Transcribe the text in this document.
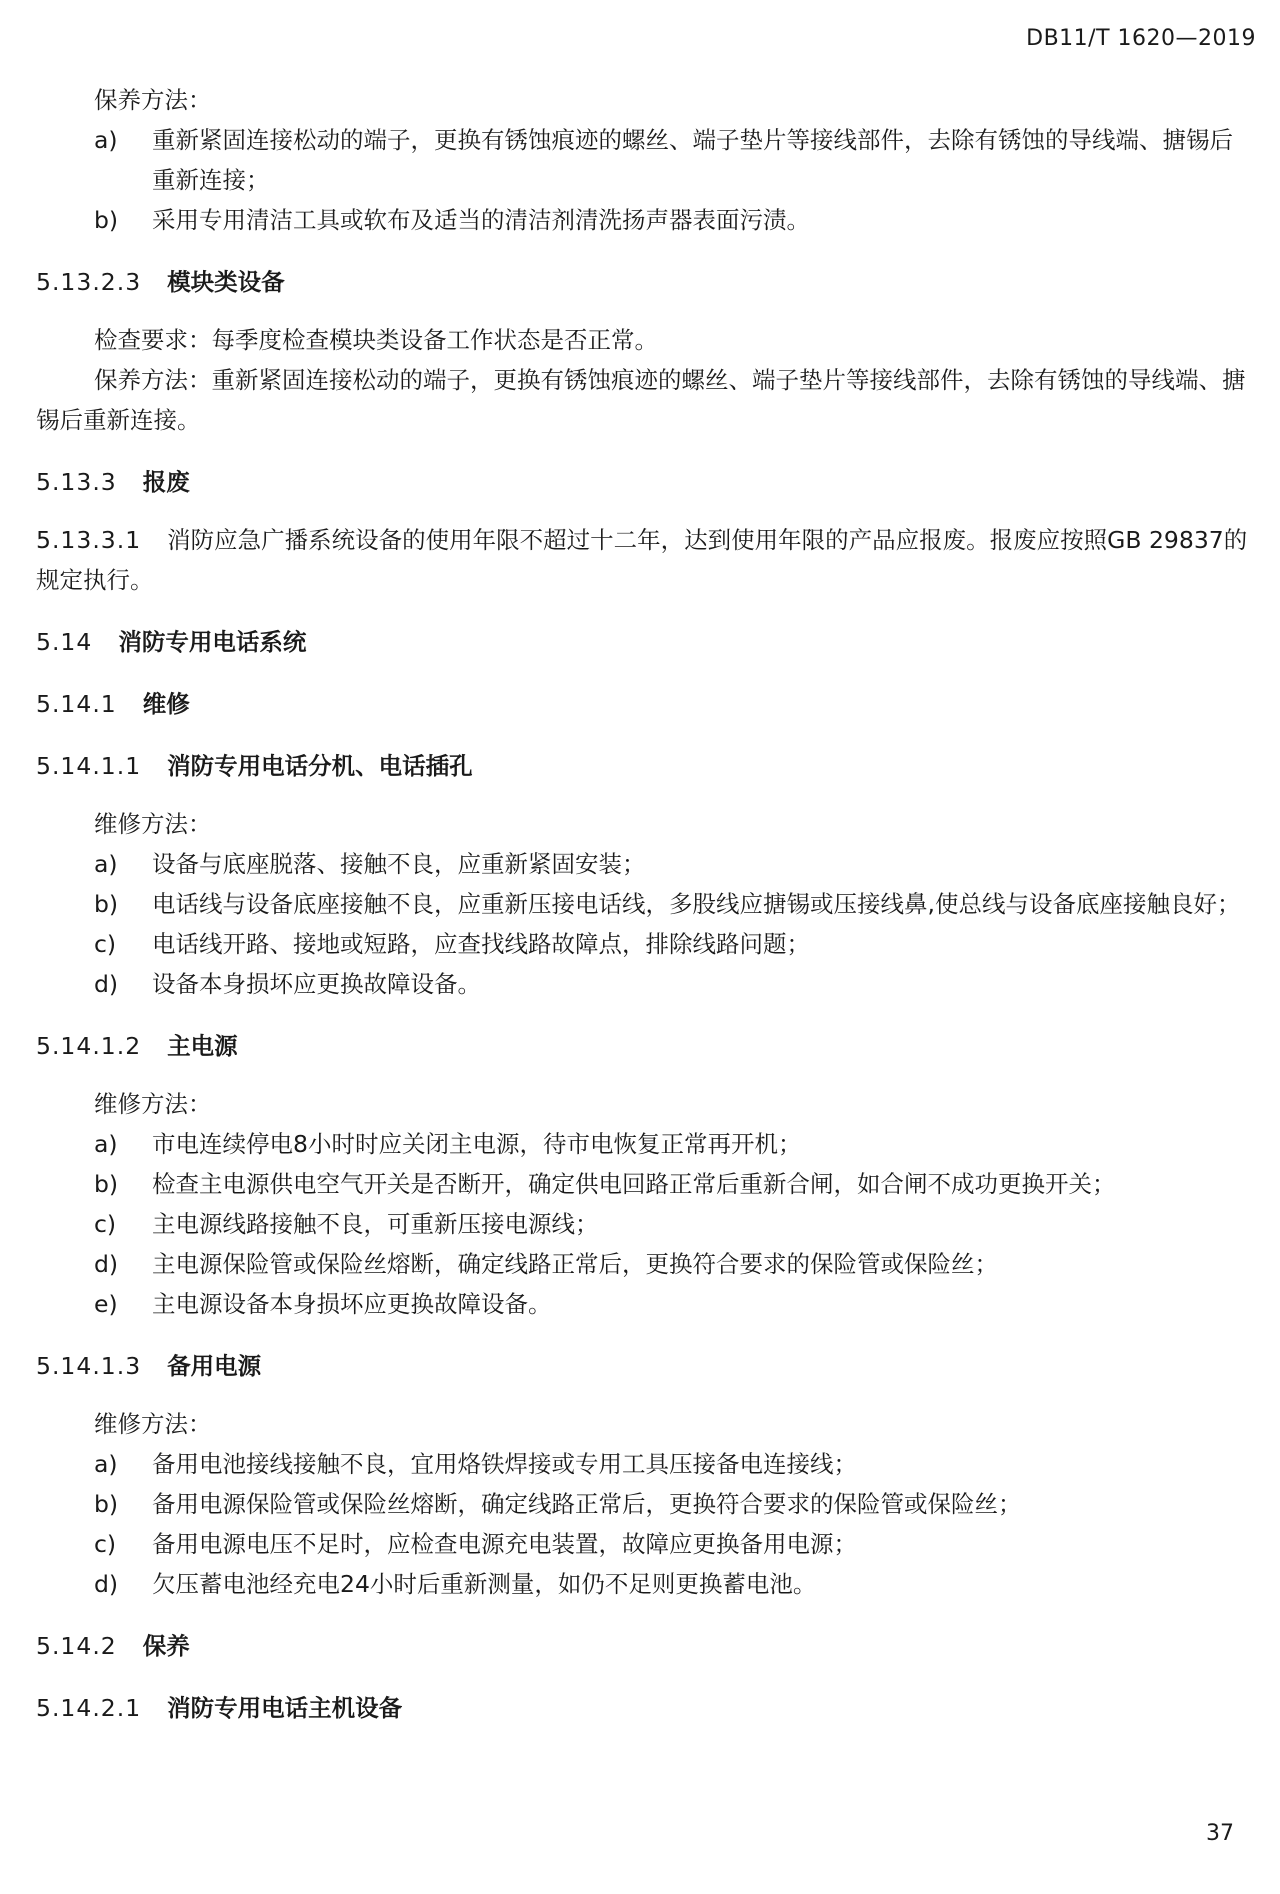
DB11/T 1620—2019

保养方法：

a)	重新紧固连接松动的端子，更换有锈蚀痕迹的螺丝、端子垫片等接线部件，去除有锈蚀的导线端、搪锡后重新连接；
b)	采用专用清洁工具或软布及适当的清洁剂清洗扬声器表面污渍。
5.13.2.3 模块类设备

检查要求：每季度检查模块类设备工作状态是否正常。

保养方法：重新紧固连接松动的端子，更换有锈蚀痕迹的螺丝、端子垫片等接线部件，去除有锈蚀的导线端、搪锡后重新连接。

5.13.3 报废

5.13.3.1 消防应急广播系统设备的使用年限不超过十二年，达到使用年限的产品应报废。报废应按照GB 29837的规定执行。

5.14 消防专用电话系统
5.14.1 维修
5.14.1.1 消防专用电话分机、电话插孔

维修方法：

a)	设备与底座脱落、接触不良，应重新紧固安装；
b)	电话线与设备底座接触不良，应重新压接电话线，多股线应搪锡或压接线鼻,使总线与设备底座接触良好；
c)	电话线开路、接地或短路，应查找线路故障点，排除线路问题；
d)	设备本身损坏应更换故障设备。
5.14.1.2 主电源

维修方法：

a)	市电连续停电8小时时应关闭主电源，待市电恢复正常再开机；
b)	检查主电源供电空气开关是否断开，确定供电回路正常后重新合闸，如合闸不成功更换开关；
c)	主电源线路接触不良，可重新压接电源线；
d)	主电源保险管或保险丝熔断，确定线路正常后，更换符合要求的保险管或保险丝；
e)	主电源设备本身损坏应更换故障设备。
5.14.1.3 备用电源

维修方法：

a)	备用电池接线接触不良，宜用烙铁焊接或专用工具压接备电连接线；
b)	备用电源保险管或保险丝熔断，确定线路正常后，更换符合要求的保险管或保险丝；
c)	备用电源电压不足时，应检查电源充电装置，故障应更换备用电源；
d)	欠压蓄电池经充电24小时后重新测量，如仍不足则更换蓄电池。
5.14.2 保养
5.14.2.1 消防专用电话主机设备
37
